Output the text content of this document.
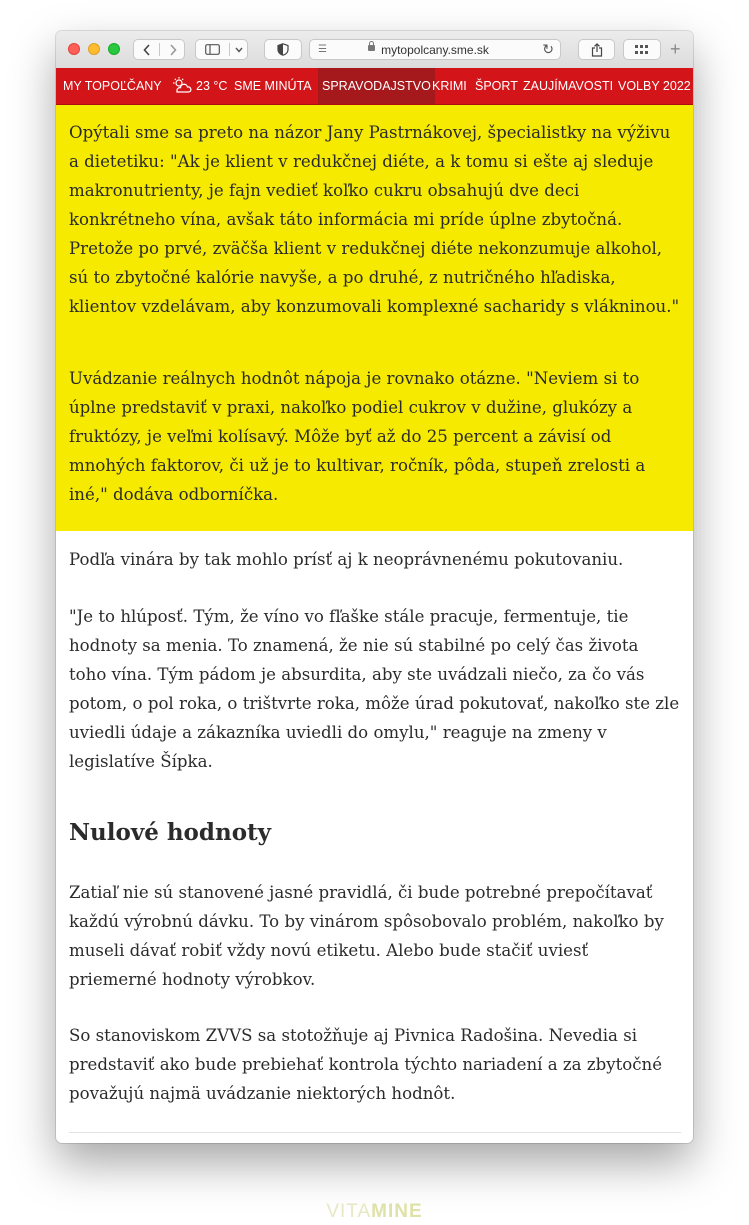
☰	mytopolcany.sme.sk	↻	+
MY TOPOĽČANY	23 °C SME MINÚTA SPRAVODAJSTVO KRIMI ŠPORT ZAUJÍMAVOSTI VOLBY 2022

Opýtali sme sa preto na názor Jany Pastrnákovej, špecialistky na výživu a dietetiku: "Ak je klient v redukčnej diéte, a k tomu si ešte aj sleduje makronutrienty, je fajn vedieť koľko cukru obsahujú dve deci konkrétneho vína, avšak táto informácia mi príde úplne zbytočná. Pretože po prvé, zväčša klient v redukčnej diéte nekonzumuje alkohol, sú to zbytočné kalórie navyše, a po druhé, z nutričného hľadiska, klientov vzdelávam, aby konzumovali komplexné sacharidy s vlákninou."

Uvádzanie reálnych hodnôt nápoja je rovnako otázne. "Neviem si to úplne predstaviť v praxi, nakoľko podiel cukrov v dužine, glukózy a fruktózy, je veľmi kolísavý. Môže byť až do 25 percent a závisí od mnohých faktorov, či už je to kultivar, ročník, pôda, stupeň zrelosti a iné," dodáva odborníčka.

Podľa vinára by tak mohlo prísť aj k neoprávnenému pokutovaniu.

"Je to hlúposť. Tým, že víno vo fľaške stále pracuje, fermentuje, tie hodnoty sa menia. To znamená, že nie sú stabilné po celý čas života toho vína. Tým pádom je absurdita, aby ste uvádzali niečo, za čo vás potom, o pol roka, o trištvrte roka, môže úrad pokutovať, nakoľko ste zle uviedli údaje a zákazníka uviedli do omylu," reaguje na zmeny v legislatíve Šípka.

Nulové hodnoty

Zatiaľ nie sú stanovené jasné pravidlá, či bude potrebné prepočítavať každú výrobnú dávku. To by vinárom spôsobovalo problém, nakoľko by museli dávať robiť vždy novú etiketu. Alebo bude stačiť uviesť priemerné hodnoty výrobkov.

So stanoviskom ZVVS sa stotožňuje aj Pivnica Radošina. Nevedia si predstaviť ako bude prebiehať kontrola týchto nariadení a za zbytočné považujú najmä uvádzanie niektorých hodnôt.

VITAMINE
